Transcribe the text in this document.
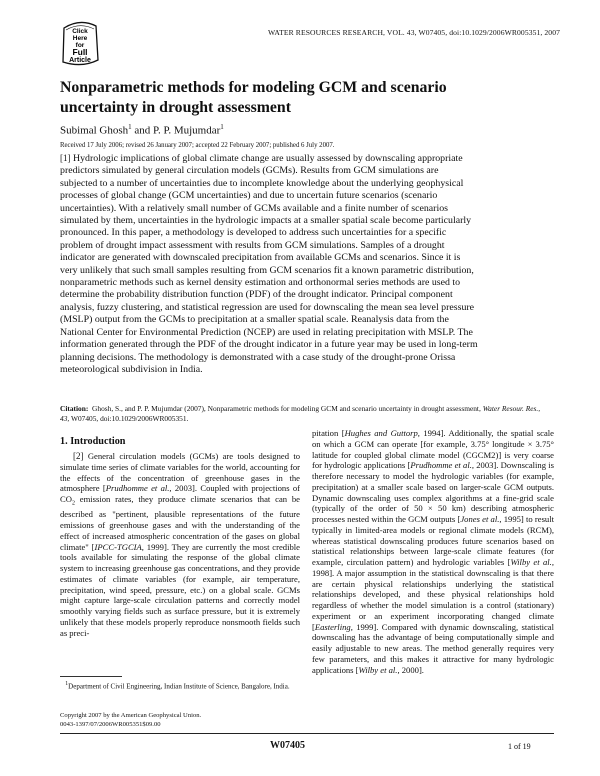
WATER RESOURCES RESEARCH, VOL. 43, W07405, doi:10.1029/2006WR005351, 2007
Click
Here
for
Full
Article
Nonparametric methods for modeling GCM and scenario uncertainty in drought assessment
Subimal Ghosh$^1$ and P. P. Mujumdar$^1$
Received 17 July 2006; revised 26 January 2007; accepted 22 February 2007; published 6 July 2007.
[1] Hydrologic implications of global climate change are usually assessed by downscaling appropriate predictors simulated by general circulation models (GCMs). Results from GCM simulations are subjected to a number of uncertainties due to incomplete knowledge about the underlying geophysical processes of global change (GCM uncertainties) and due to uncertain future scenarios (scenario uncertainties). With a relatively small number of GCMs available and a finite number of scenarios simulated by them, uncertainties in the hydrologic impacts at a smaller spatial scale become particularly pronounced. In this paper, a methodology is developed to address such uncertainties for a specific problem of drought impact assessment with results from GCM simulations. Samples of a drought indicator are generated with downscaled precipitation from available GCMs and scenarios. Since it is very unlikely that such small samples resulting from GCM scenarios fit a known parametric distribution, nonparametric methods such as kernel density estimation and orthonormal series methods are used to determine the probability distribution function (PDF) of the drought indicator. Principal component analysis, fuzzy clustering, and statistical regression are used for downscaling the mean sea level pressure (MSLP) output from the GCMs to precipitation at a smaller spatial scale. Reanalysis data from the National Center for Environmental Prediction (NCEP) are used in relating precipitation with MSLP. The information generated through the PDF of the drought indicator in a future year may be used in long-term planning decisions. The methodology is demonstrated with a case study of the drought-prone Orissa meteorological subdivision in India.
Citation: Ghosh, S., and P. P. Mujumdar (2007), Nonparametric methods for modeling GCM and scenario uncertainty in drought assessment, Water Resour. Res., 43, W07405, doi:10.1029/2006WR005351.
1. Introduction
[2] General circulation models (GCMs) are tools designed to simulate time series of climate variables for the world, accounting for the effects of the concentration of greenhouse gases in the atmosphere [Prudhomme et al., 2003]. Coupled with projections of $CO_2$ emission rates, they produce climate scenarios that can be described as "pertinent, plausible representations of the future emissions of greenhouse gases and with the understanding of the effect of increased atmospheric concentration of the gases on global climate" [IPCC-TGCIA, 1999]. They are currently the most credible tools available for simulating the response of the global climate system to increasing greenhouse gas concentrations, and they provide estimates of climate variables (for example, air temperature, precipitation, wind speed, pressure, etc.) on a global scale. GCMs might capture large-scale circulation patterns and correctly model smoothly varying fields such as surface pressure, but it is extremely unlikely that these models properly reproduce nonsmooth fields such as preci-
pitation [Hughes and Guttorp, 1994]. Additionally, the spatial scale on which a GCM can operate [for example, 3.75° longitude × 3.75° latitude for coupled global climate model (CGCM2)] is very coarse for hydrologic applications [Prudhomme et al., 2003]. Downscaling is therefore necessary to model the hydrologic variables (for example, precipitation) at a smaller scale based on larger-scale GCM outputs. Dynamic downscaling uses complex algorithms at a fine-grid scale (typically of the order of 50 × 50 km) describing atmospheric processes nested within the GCM outputs [Jones et al., 1995] to result typically in limited-area models or regional climate models (RCM), whereas statistical downscaling produces future scenarios based on statistical relationships between large-scale climate features (for example, circulation pattern) and hydrologic variables [Wilby et al., 1998]. A major assumption in the statistical downscaling is that there are certain physical relationships underlying the statistical relationships developed, and these physical relationships hold regardless of whether the model simulation is a control (stationary) experiment or an experiment incorporating changed climate [Easterling, 1999]. Compared with dynamic downscaling, statistical downscaling has the advantage of being computationally simple and easily adjustable to new areas. The method generally requires very few parameters, and this makes it attractive for many hydrologic applications [Wilby et al., 2000].
$^1$Department of Civil Engineering, Indian Institute of Science, Bangalore, India.
Copyright 2007 by the American Geophysical Union.
0043-1397/07/2006WR005351$09.00
W07405	1 of 19
